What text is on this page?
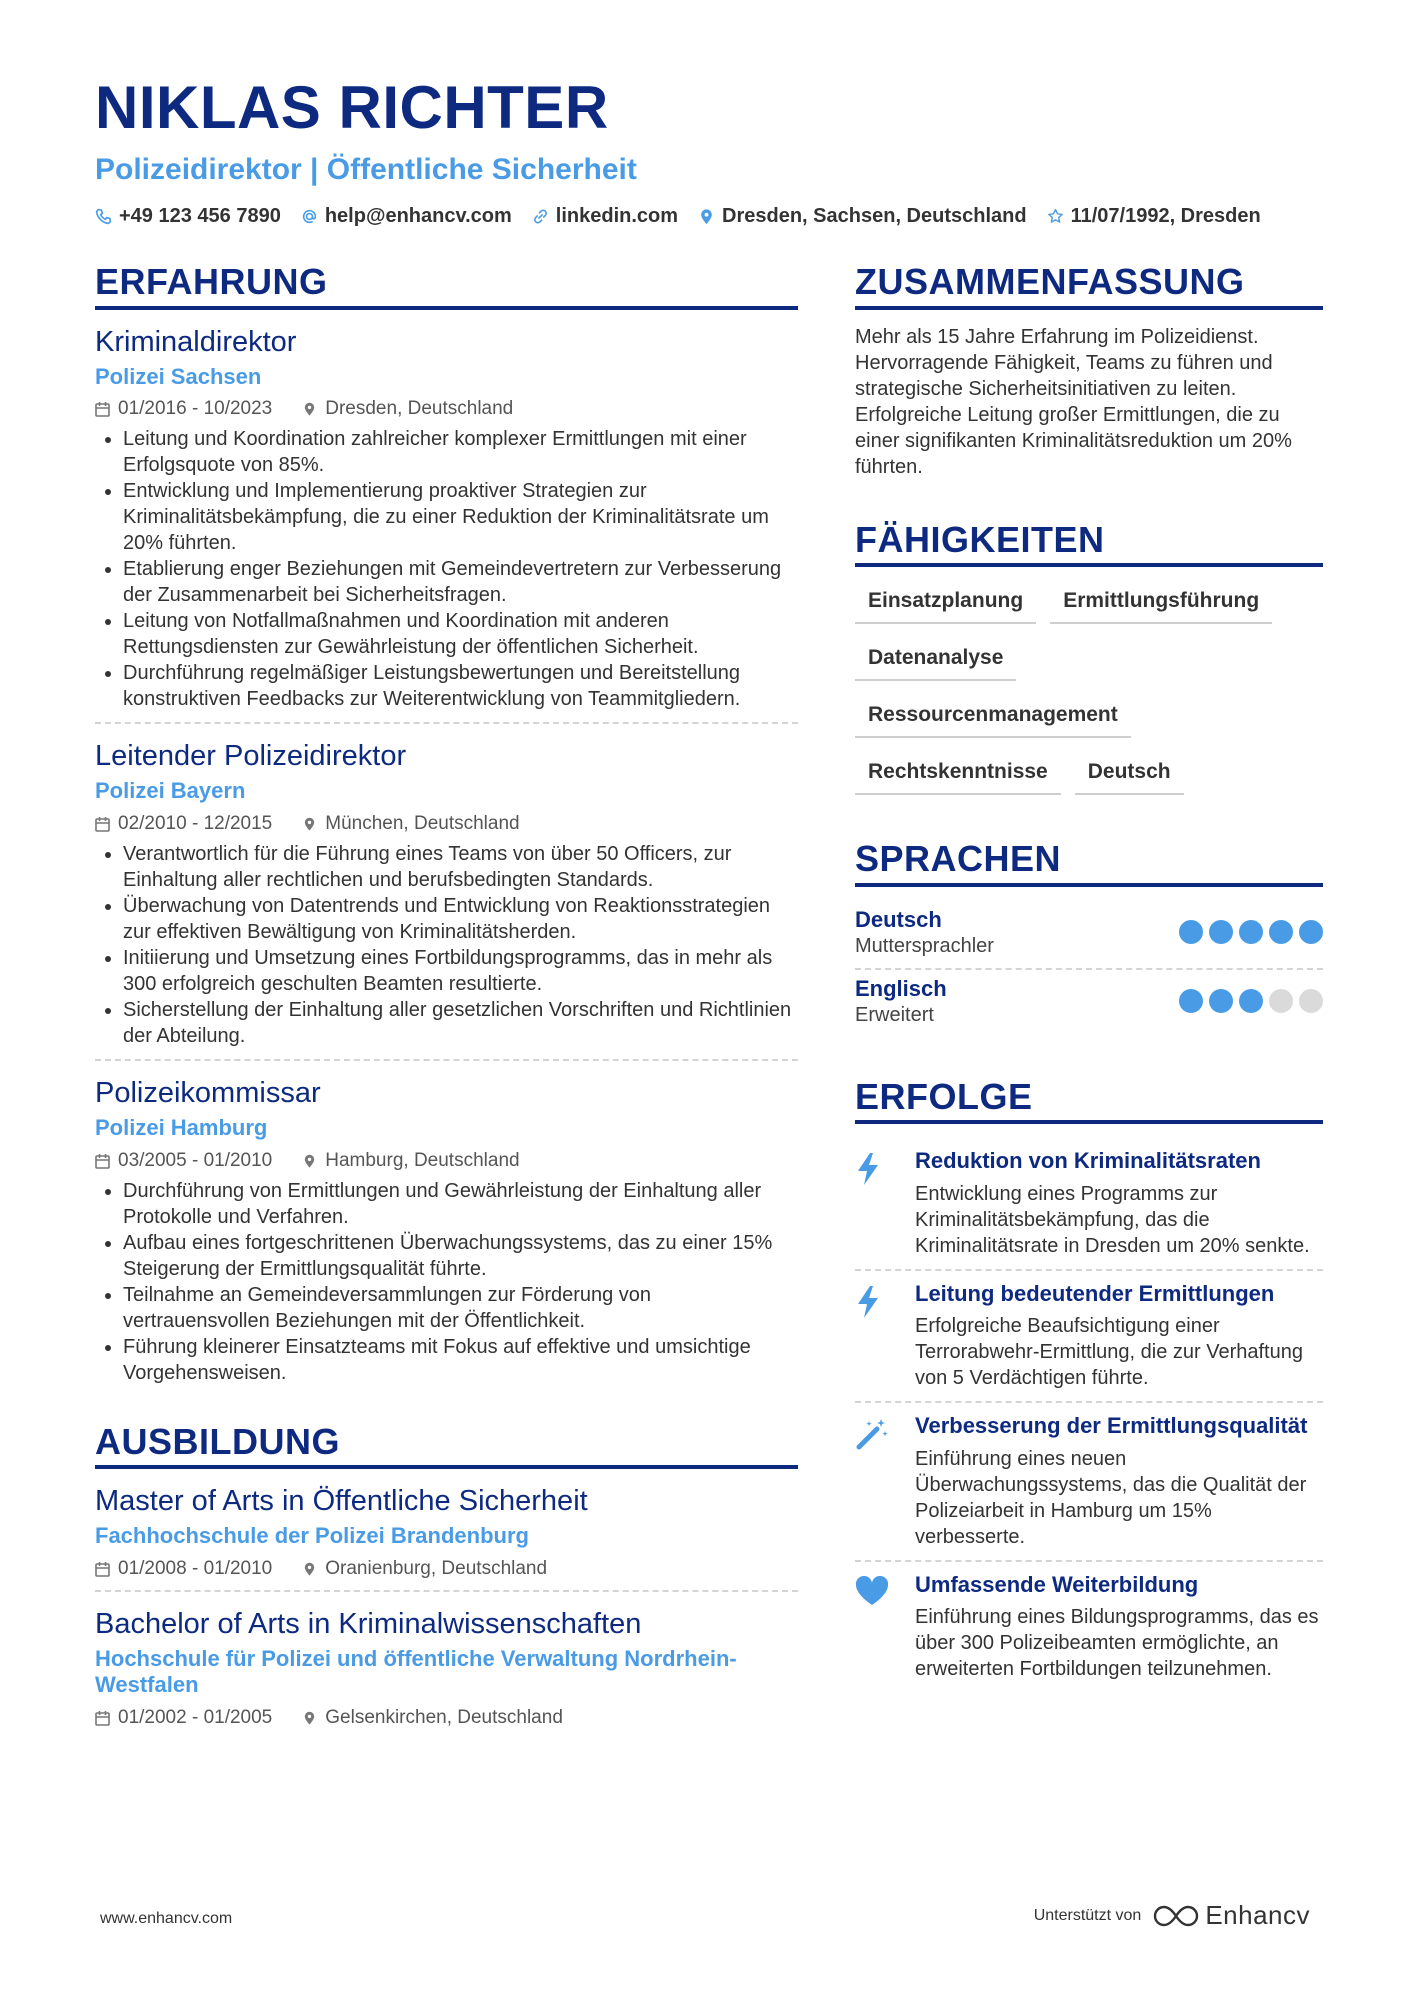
NIKLAS RICHTER
Polizeidirektor | Öffentliche Sicherheit
+49 123 456 7890 help@enhancv.com linkedin.com Dresden, Sachsen, Deutschland 11/07/1992, Dresden
ERFAHRUNG
Kriminaldirektor
Polizei Sachsen
01/2016 - 10/2023	Dresden, Deutschland
• Leitung und Koordination zahlreicher komplexer Ermittlungen mit einer Erfolgsquote von 85%.
• Entwicklung und Implementierung proaktiver Strategien zur Kriminalitätsbekämpfung, die zu einer Reduktion der Kriminalitätsrate um 20% führten.
• Etablierung enger Beziehungen mit Gemeindevertretern zur Verbesserung der Zusammenarbeit bei Sicherheitsfragen.
• Leitung von Notfallmaßnahmen und Koordination mit anderen Rettungsdiensten zur Gewährleistung der öffentlichen Sicherheit.
• Durchführung regelmäßiger Leistungsbewertungen und Bereitstellung konstruktiven Feedbacks zur Weiterentwicklung von Teammitgliedern.
Leitender Polizeidirektor
Polizei Bayern
02/2010 - 12/2015	München, Deutschland
• Verantwortlich für die Führung eines Teams von über 50 Officers, zur Einhaltung aller rechtlichen und berufsbedingten Standards.
• Überwachung von Datentrends und Entwicklung von Reaktionsstrategien zur effektiven Bewältigung von Kriminalitätsherden.
• Initiierung und Umsetzung eines Fortbildungsprogramms, das in mehr als 300 erfolgreich geschulten Beamten resultierte.
• Sicherstellung der Einhaltung aller gesetzlichen Vorschriften und Richtlinien der Abteilung.
Polizeikommissar
Polizei Hamburg
03/2005 - 01/2010	Hamburg, Deutschland
• Durchführung von Ermittlungen und Gewährleistung der Einhaltung aller Protokolle und Verfahren.
• Aufbau eines fortgeschrittenen Überwachungssystems, das zu einer 15% Steigerung der Ermittlungsqualität führte.
• Teilnahme an Gemeindeversammlungen zur Förderung von vertrauensvollen Beziehungen mit der Öffentlichkeit.
• Führung kleinerer Einsatzteams mit Fokus auf effektive und umsichtige Vorgehensweisen.
AUSBILDUNG
Master of Arts in Öffentliche Sicherheit
Fachhochschule der Polizei Brandenburg
01/2008 - 01/2010	Oranienburg, Deutschland
Bachelor of Arts in Kriminalwissenschaften
Hochschule für Polizei und öffentliche Verwaltung Nordrhein-Westfalen
01/2002 - 01/2005	Gelsenkirchen, Deutschland
ZUSAMMENFASSUNG
Mehr als 15 Jahre Erfahrung im Polizeidienst. Hervorragende Fähigkeit, Teams zu führen und strategische Sicherheitsinitiativen zu leiten. Erfolgreiche Leitung großer Ermittlungen, die zu einer signifikanten Kriminalitätsreduktion um 20% führten.
FÄHIGKEITEN
Einsatzplanung	Ermittlungsführung
Datenanalyse
Ressourcenmanagement
Rechtskenntnisse	Deutsch
SPRACHEN
Deutsch
Muttersprachler
Englisch
Erweitert
ERFOLGE
Reduktion von Kriminalitätsraten
Entwicklung eines Programms zur Kriminalitätsbekämpfung, das die Kriminalitätsrate in Dresden um 20% senkte.
Leitung bedeutender Ermittlungen
Erfolgreiche Beaufsichtigung einer Terrorabwehr-Ermittlung, die zur Verhaftung von 5 Verdächtigen führte.
Verbesserung der Ermittlungsqualität
Einführung eines neuen Überwachungssystems, das die Qualität der Polizeiarbeit in Hamburg um 15% verbesserte.
Umfassende Weiterbildung
Einführung eines Bildungsprogramms, das es über 300 Polizeibeamten ermöglichte, an erweiterten Fortbildungen teilzunehmen.
www.enhancv.com	Unterstützt von Enhancv
